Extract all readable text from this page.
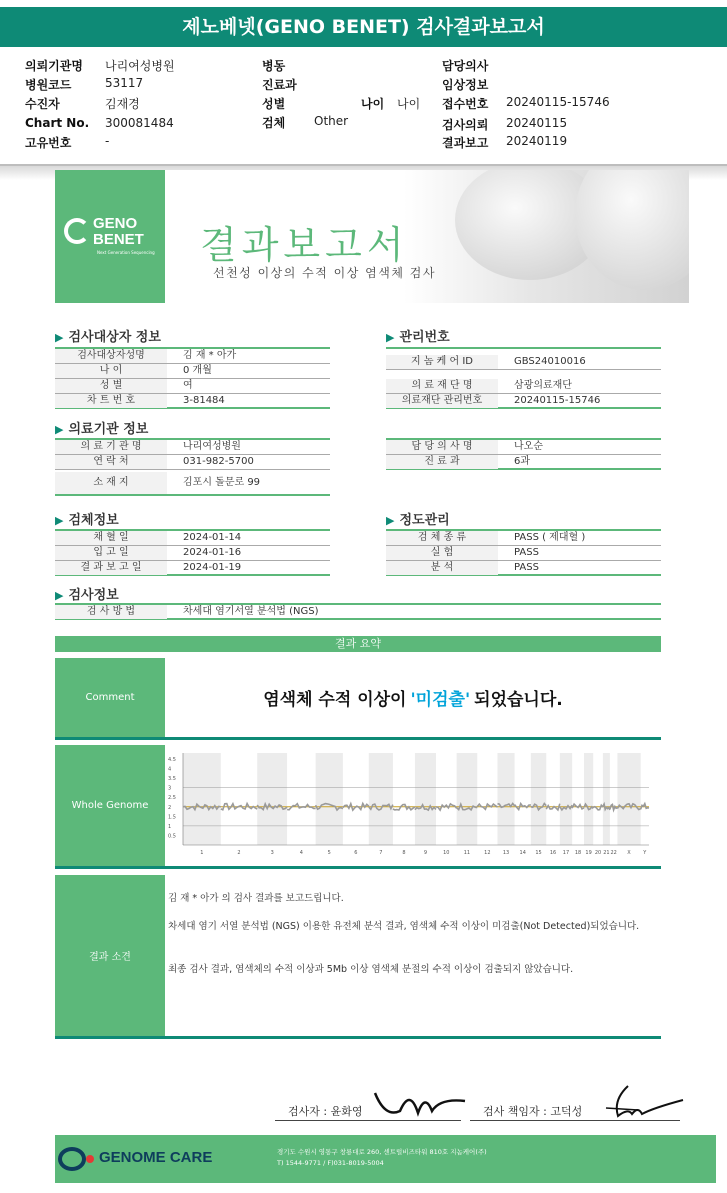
제노베넷(GENO BENET) 검사결과보고서
의뢰기관명 나리여성병원
병원코드	53117
수진자	김재경
Chart No. 300081484
고유번호	-
병동
진료과
성별
검체 Other
나이 나이
담당의사
임상정보
접수번호 20240115-15746
검사의뢰 20240115
결과보고 20240119
GENO
BENET
Next Generation Sequencing 결과보고서
선천성 이상의 수적 이상 염색체 검사
▶ 검사대상자 정보
검사대상자성명	김 재 * 아가
나 이	0 개월
성 별	여
차 트 번 호	3-81484
▶ 관리번호
지 놈 케 어 ID	GBS24010016
의 료 재 단 명	삼광의료재단
의료재단 관리번호	20240115-15746
▶ 의료기관 정보
의 료 기 관 명	나리여성병원
연 락 처	031-982-5700
소 재 지	김포시 돌문로 99
담 당 의 사 명	나오순
진 료 과	6과
▶ 검체정보
채 혈 일	2024-01-14
입 고 일	2024-01-16
결 과 보 고 일	2024-01-19
▶ 정도관리
검 체 종 류	PASS ( 제대혈 )
실 험	PASS
분 석	PASS
▶ 검사정보
검 사 방 법	차세대 염기서열 분석법 (NGS)
결과 요약
Comment	염색체 수적 이상이 '미검출' 되었습니다.
Whole Genome
4.5
4
3.5
3
2.5
2
1.5
1
0.5
1	2	3	4	5	6	7	8	9	10	11	12 13 14 15 16 17 18 19 20 21 22 X	Y
결과 소견
김 재 * 아가 의 검사 결과를 보고드립니다.
차세대 염기 서열 분석법 (NGS) 이용한 유전체 분석 결과, 염색체 수적 이상이 미검출(Not Detected)되었습니다.
최종 검사 결과, 염색체의 수적 이상과 5Mb 이상 염색체 분절의 수적 이상이 검출되지 않았습니다.
검사자 : 윤화영	검사 책임자 : 고덕성
GENOME CARE	경기도 수원시 영통구 창룡대로 260, 센트럴비즈타워 810호 지놈케어(주)
T) 1544-9771 / F)031-8019-5004
